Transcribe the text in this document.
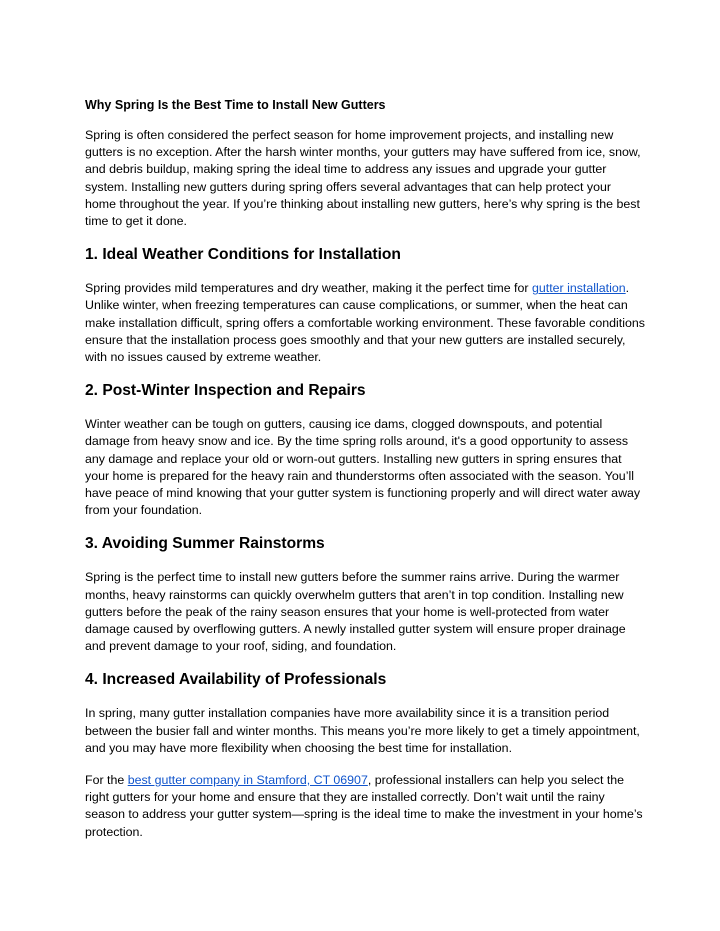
Why Spring Is the Best Time to Install New Gutters

Spring is often considered the perfect season for home improvement projects, and installing new gutters is no exception. After the harsh winter months, your gutters may have suffered from ice, snow, and debris buildup, making spring the ideal time to address any issues and upgrade your gutter system. Installing new gutters during spring offers several advantages that can help protect your home throughout the year. If you’re thinking about installing new gutters, here’s why spring is the best time to get it done.

1. Ideal Weather Conditions for Installation

Spring provides mild temperatures and dry weather, making it the perfect time for gutter installation. Unlike winter, when freezing temperatures can cause complications, or summer, when the heat can make installation difficult, spring offers a comfortable working environment. These favorable conditions ensure that the installation process goes smoothly and that your new gutters are installed securely, with no issues caused by extreme weather.

2. Post-Winter Inspection and Repairs

Winter weather can be tough on gutters, causing ice dams, clogged downspouts, and potential damage from heavy snow and ice. By the time spring rolls around, it's a good opportunity to assess any damage and replace your old or worn-out gutters. Installing new gutters in spring ensures that your home is prepared for the heavy rain and thunderstorms often associated with the season. You’ll have peace of mind knowing that your gutter system is functioning properly and will direct water away from your foundation.

3. Avoiding Summer Rainstorms

Spring is the perfect time to install new gutters before the summer rains arrive. During the warmer months, heavy rainstorms can quickly overwhelm gutters that aren’t in top condition. Installing new gutters before the peak of the rainy season ensures that your home is well-protected from water damage caused by overflowing gutters. A newly installed gutter system will ensure proper drainage and prevent damage to your roof, siding, and foundation.

4. Increased Availability of Professionals

In spring, many gutter installation companies have more availability since it is a transition period between the busier fall and winter months. This means you’re more likely to get a timely appointment, and you may have more flexibility when choosing the best time for installation.

For the best gutter company in Stamford, CT 06907, professional installers can help you select the right gutters for your home and ensure that they are installed correctly. Don’t wait until the rainy season to address your gutter system—spring is the ideal time to make the investment in your home’s protection.
